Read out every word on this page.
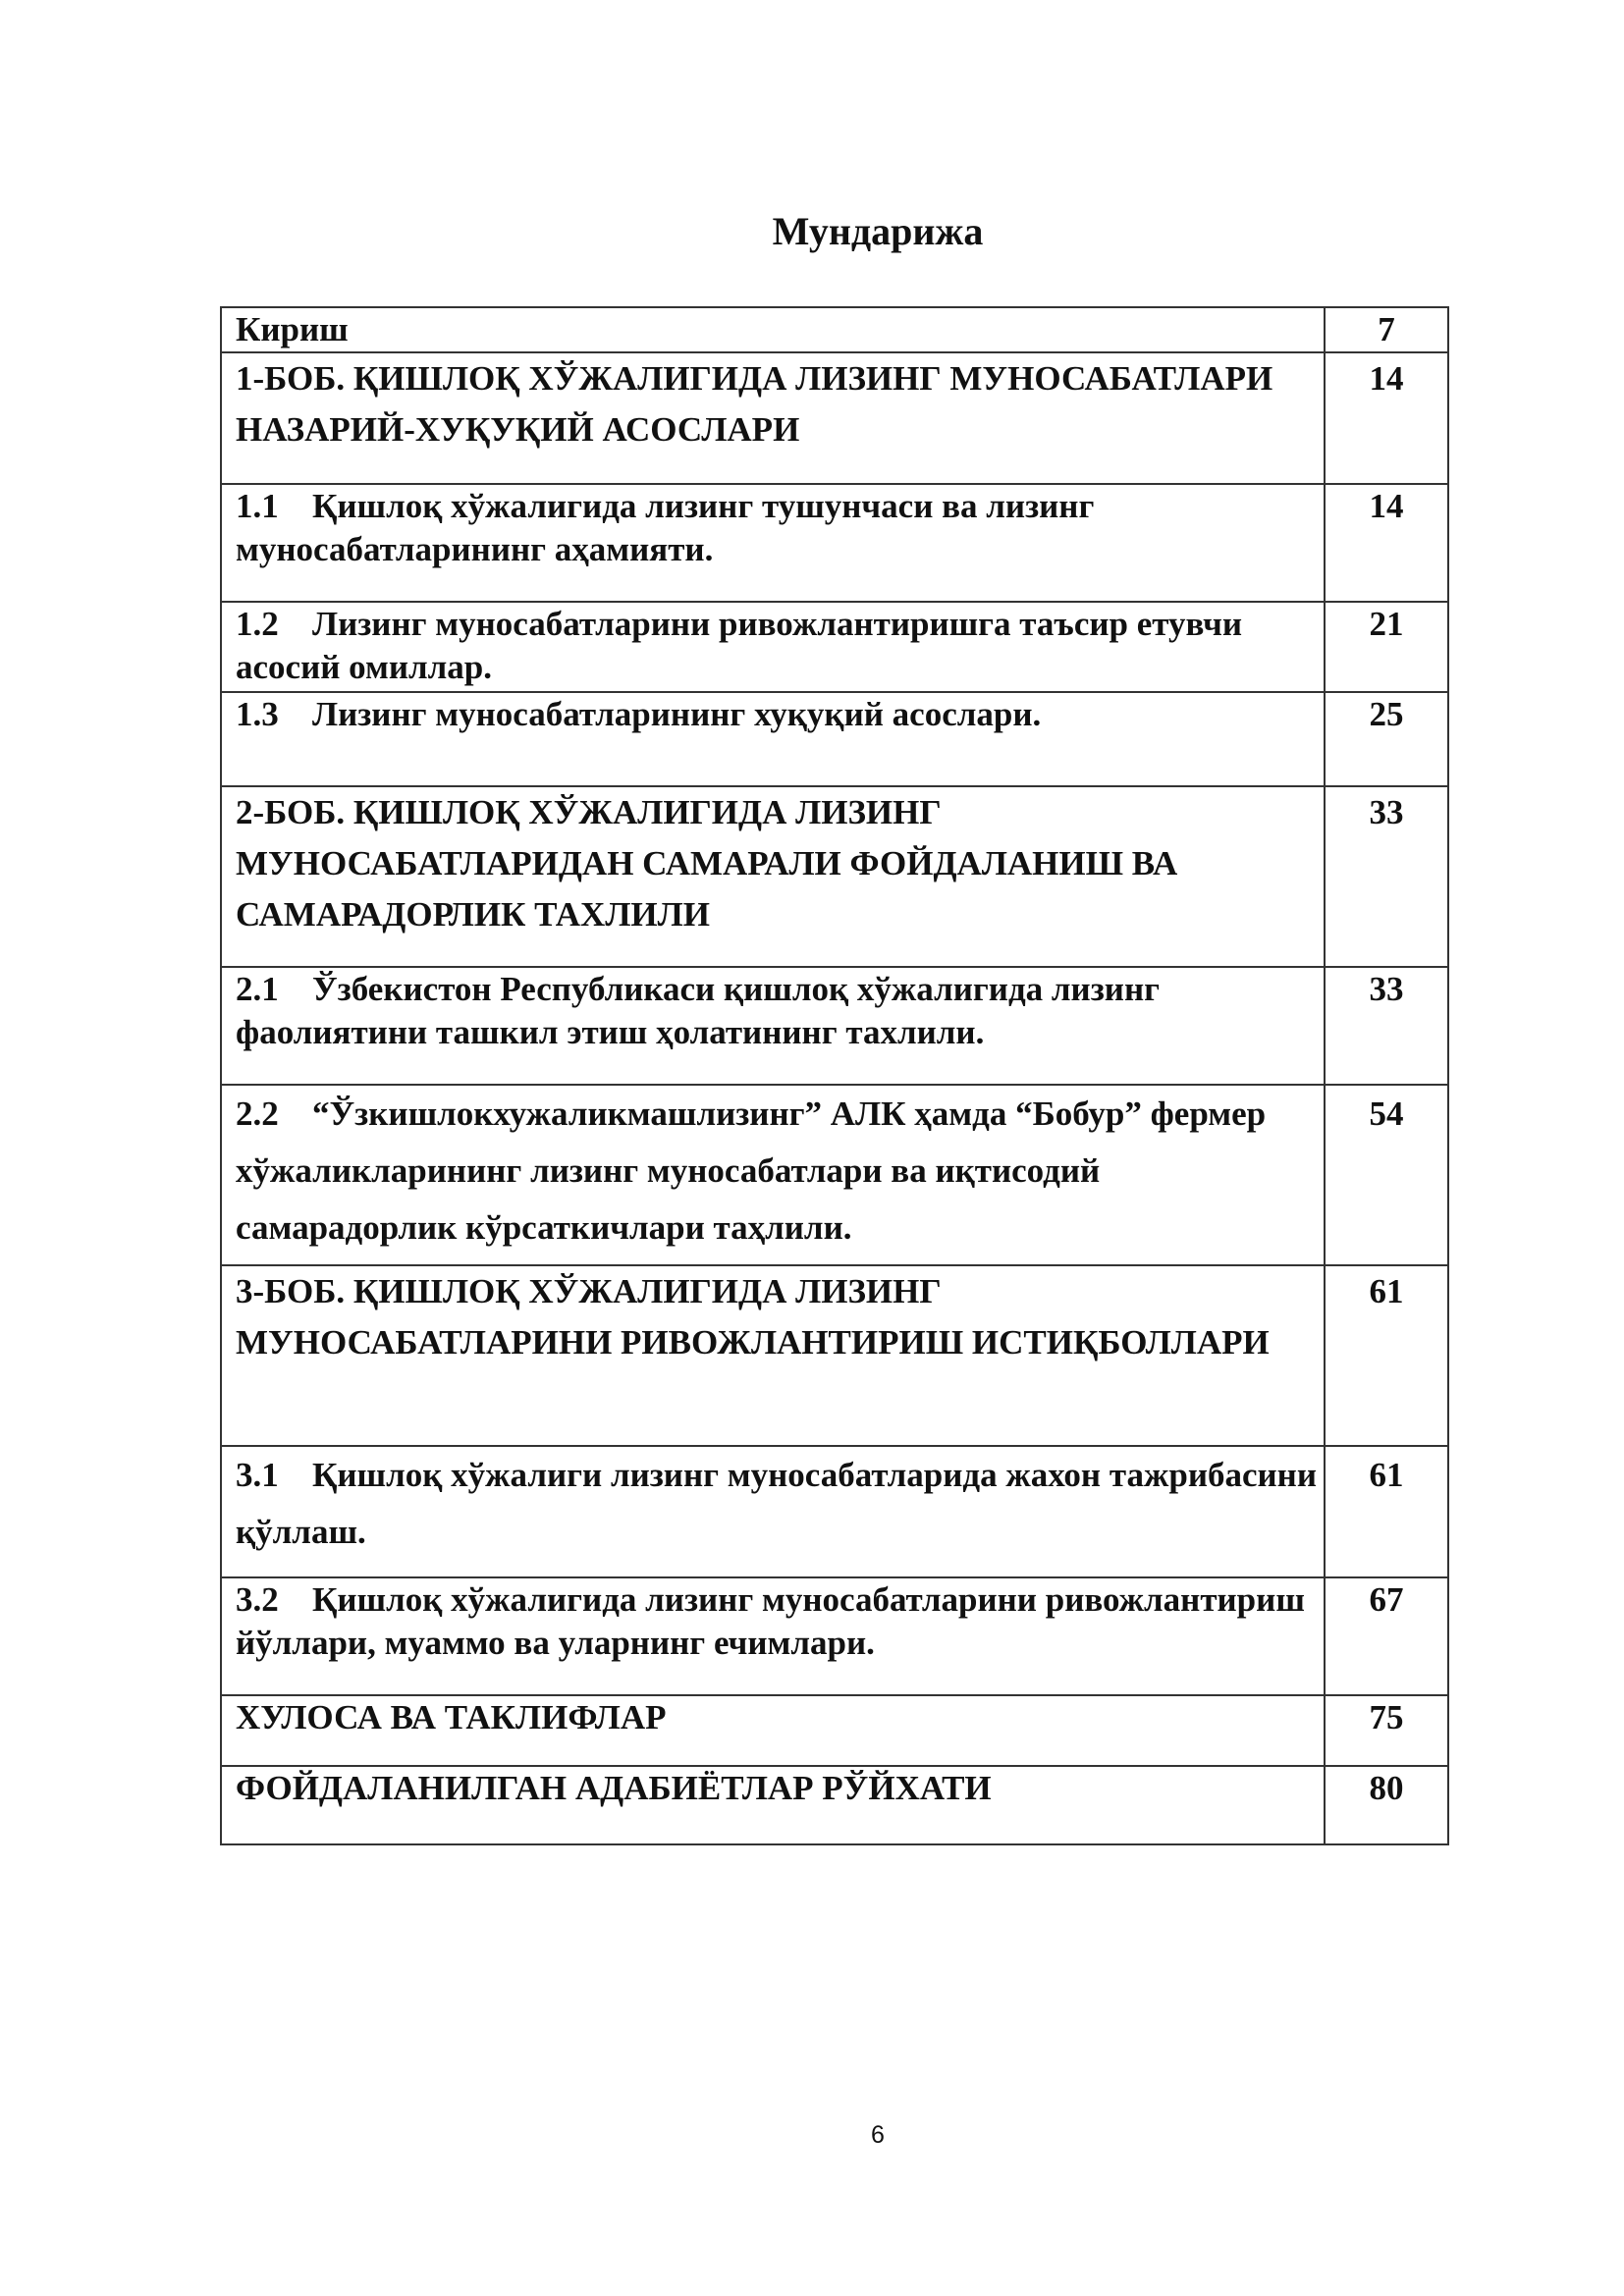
Мундарижа
Кириш	7
1-БОБ. ҚИШЛОҚ ХЎЖАЛИГИДА ЛИЗИНГ МУНОСАБАТЛАРИ НАЗАРИЙ-ХУҚУҚИЙ АСОСЛАРИ	14
1.1 Қишлоқ хўжалигида лизинг тушунчаси ва лизинг муносабатларининг аҳамияти.	14
1.2 Лизинг муносабатларини ривожлантиришга таъсир етувчи асосий омиллар.	21
1.3 Лизинг муносабатларининг хуқуқий асослари.	25
2-БОБ. ҚИШЛОҚ ХЎЖАЛИГИДА ЛИЗИНГ МУНОСАБАТЛАРИДАН САМАРАЛИ ФОЙДАЛАНИШ ВА САМАРАДОРЛИК ТАХЛИЛИ	33
2.1 Ўзбекистон Республикаси қишлоқ хўжалигида лизинг фаолиятини ташкил этиш ҳолатининг тахлили.	33
2.2 “Ўзкишлокхужаликмашлизинг” АЛК ҳамда “Бобур” фермер хўжаликларининг лизинг муносабатлари ва иқтисодий самарадорлик кўрсаткичлари таҳлили.	54
3-БОБ. ҚИШЛОҚ ХЎЖАЛИГИДА ЛИЗИНГ МУНОСАБАТЛАРИНИ РИВОЖЛАНТИРИШ ИСТИҚБОЛЛАРИ	61
3.1 Қишлоқ хўжалиги лизинг муносабатларида жахон тажрибасини қўллаш.	61
3.2 Қишлоқ хўжалигида лизинг муносабатларини ривожлантириш йўллари, муаммо ва уларнинг ечимлари.	67
ХУЛОСА ВА ТАКЛИФЛАР	75
ФОЙДАЛАНИЛГАН АДАБИЁТЛАР РЎЙХАТИ	80
6
